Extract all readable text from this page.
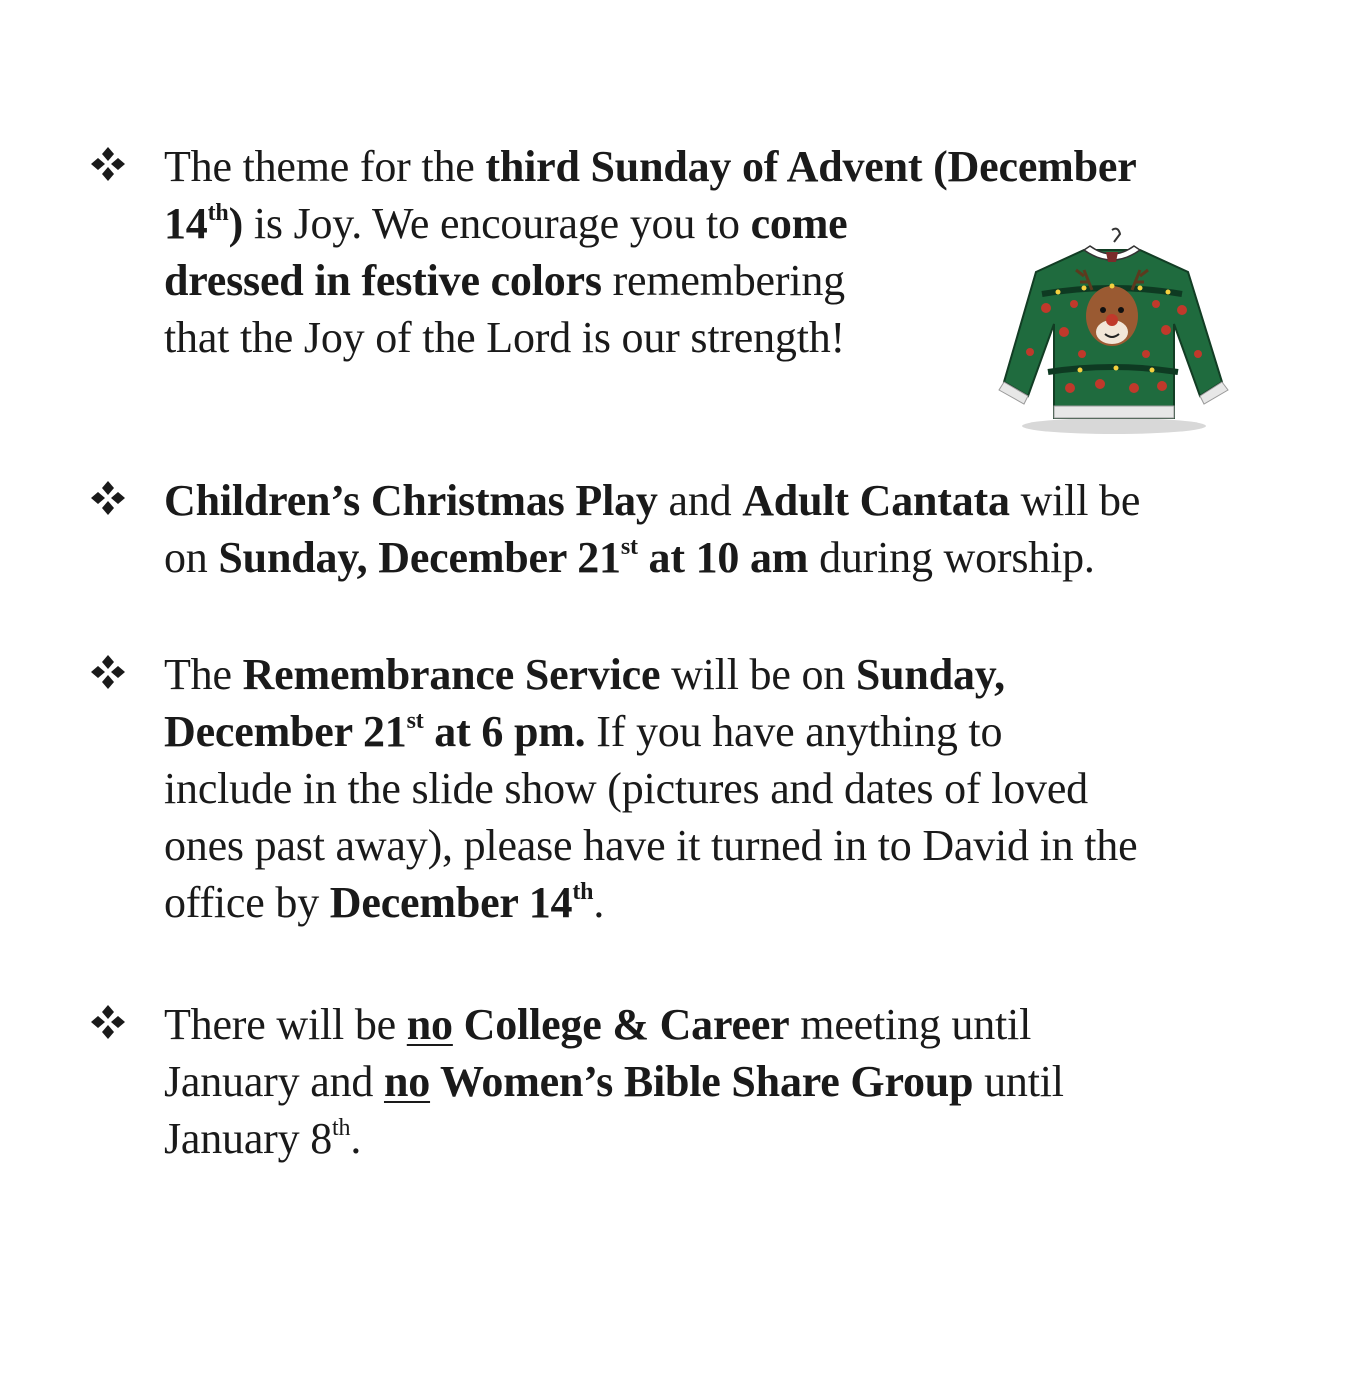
The theme for the third Sunday of Advent (December
14th) is Joy. We encourage you to come
dressed in festive colors remembering
that the Joy of the Lord is our strength!
Children’s Christmas Play and Adult Cantata will be
on Sunday, December 21st at 10 am during worship.
The Remembrance Service will be on Sunday,
December 21st at 6 pm. If you have anything to
include in the slide show (pictures and dates of loved
ones past away), please have it turned in to David in the
office by December 14th.
There will be no College & Career meeting until
January and no Women’s Bible Share Group until
January 8th.
